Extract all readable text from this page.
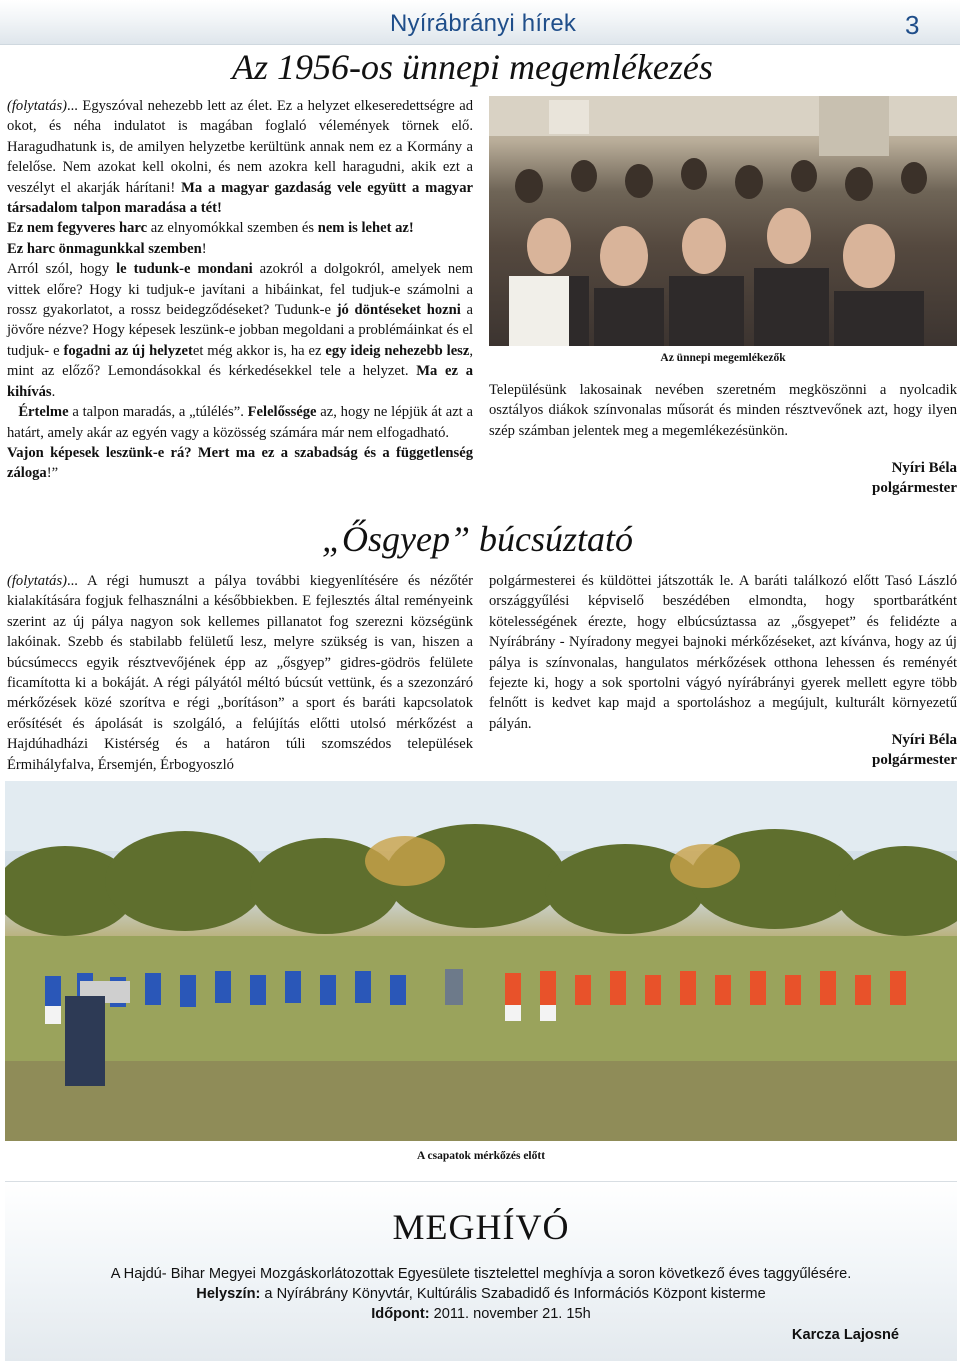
Nyírábrányi hírek	3
Az 1956-os ünnepi megemlékezés

(folytatás)... Egyszóval nehezebb lett az élet. Ez a helyzet elkeseredettségre ad okot, és néha indulatot is magában foglaló vélemények törnek elő. Haragudhatunk is, de amilyen helyzetbe kerültünk annak nem ez a Kormány a felelőse. Nem azokat kell okolni, és nem azokra kell haragudni, akik ezt a veszélyt el akarják hárítani! Ma a magyar gazdaság vele együtt a magyar társadalom talpon maradása a tét!

Ez nem fegyveres harc az elnyomókkal szemben és nem is lehet az!

Ez harc önmagunkkal szemben!

Arról szól, hogy le tudunk-e mondani azokról a dolgokról, amelyek nem vittek előre? Hogy ki tudjuk-e javítani a hibáinkat, fel tudjuk-e számolni a rossz gyakorlatot, a rossz beidegződéseket? Tudunk-e jó döntéseket hozni a jövőre nézve? Hogy képesek leszünk-e jobban megoldani a problémáinkat és el tudjuk- e fogadni az új helyzetet még akkor is, ha ez egy ideig nehezebb lesz, mint az előző? Lemondásokkal és kérkedésekkel tele a helyzet. Ma ez a kihívás.

Értelme a talpon maradás, a „túlélés”. Felelőssége az, hogy ne lépjük át azt a határt, amely akár az egyén vagy a közösség számára már nem elfogadható.

Vajon képesek leszünk-e rá? Mert ma ez a szabadság és a függetlenség záloga!”

Az ünnepi megemlékezők

Településünk lakosainak nevében szeretném megköszönni a nyolcadik osztályos diákok színvonalas műsorát és minden résztvevőnek azt, hogy ilyen szép számban jelentek meg a megemlékezésünkön.

Nyíri Béla
polgármester
„Ősgyep” búcsúztató

(folytatás)... A régi humuszt a pálya további kiegyenlítésére és nézőtér kialakítására fogjuk felhasználni a későbbiekben. E fejlesztés által reményeink szerint az új pálya nagyon sok kellemes pillanatot fog szerezni községünk lakóinak. Szebb és stabilabb felületű lesz, melyre szükség is van, hiszen a búcsúmeccs egyik résztvevőjének épp az „ősgyep” gidres-gödrös felülete ficamította ki a bokáját. A régi pályától méltó búcsút vettünk, és a szezonzáró mérkőzések közé szorítva e régi „borításon” a sport és baráti kapcsolatok erősítését és ápolását is szolgáló, a felújítás előtti utolsó mérkőzést a Hajdúhadházi Kistérség és a határon túli szomszédos települések Érmihályfalva, Érsemjén, Érbogyoszló

polgármesterei és küldöttei játszották le. A baráti találkozó előtt Tasó László országgyűlési képviselő beszédében elmondta, hogy sportbarátként kötelességének érezte, hogy elbúcsúztassa az „ősgyepet” és felidézte a Nyírábrány - Nyíradony megyei bajnoki mérkőzéseket, azt kívánva, hogy az új pálya is színvonalas, hangulatos mérkőzések otthona lehessen és reményét fejezte ki, hogy a sok sportolni vágyó nyírábrányi gyerek mellett egyre több felnőtt is kedvet kap majd a sportoláshoz a megújult, kulturált környezetű pályán.

Nyíri Béla
polgármester
A csapatok mérkőzés előtt
MEGHÍVÓ
A Hajdú- Bihar Megyei Mozgáskorlátozottak Egyesülete tisztelettel meghívja a soron következő éves taggyűlésére.
Helyszín: a Nyírábrány Könyvtár, Kultúrális Szabadidő és Információs Központ kisterme
Időpont: 2011. november 21. 15h
Karcza Lajosné
